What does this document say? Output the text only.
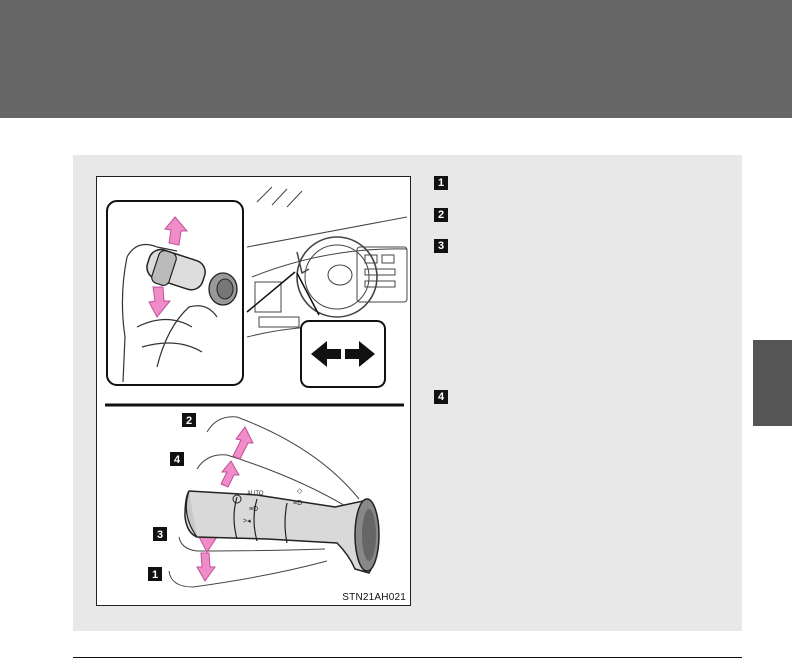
AUTO
≡D
>◂
≡D
◇
2
4
3
1
STN21AH021
1
2
3
4
